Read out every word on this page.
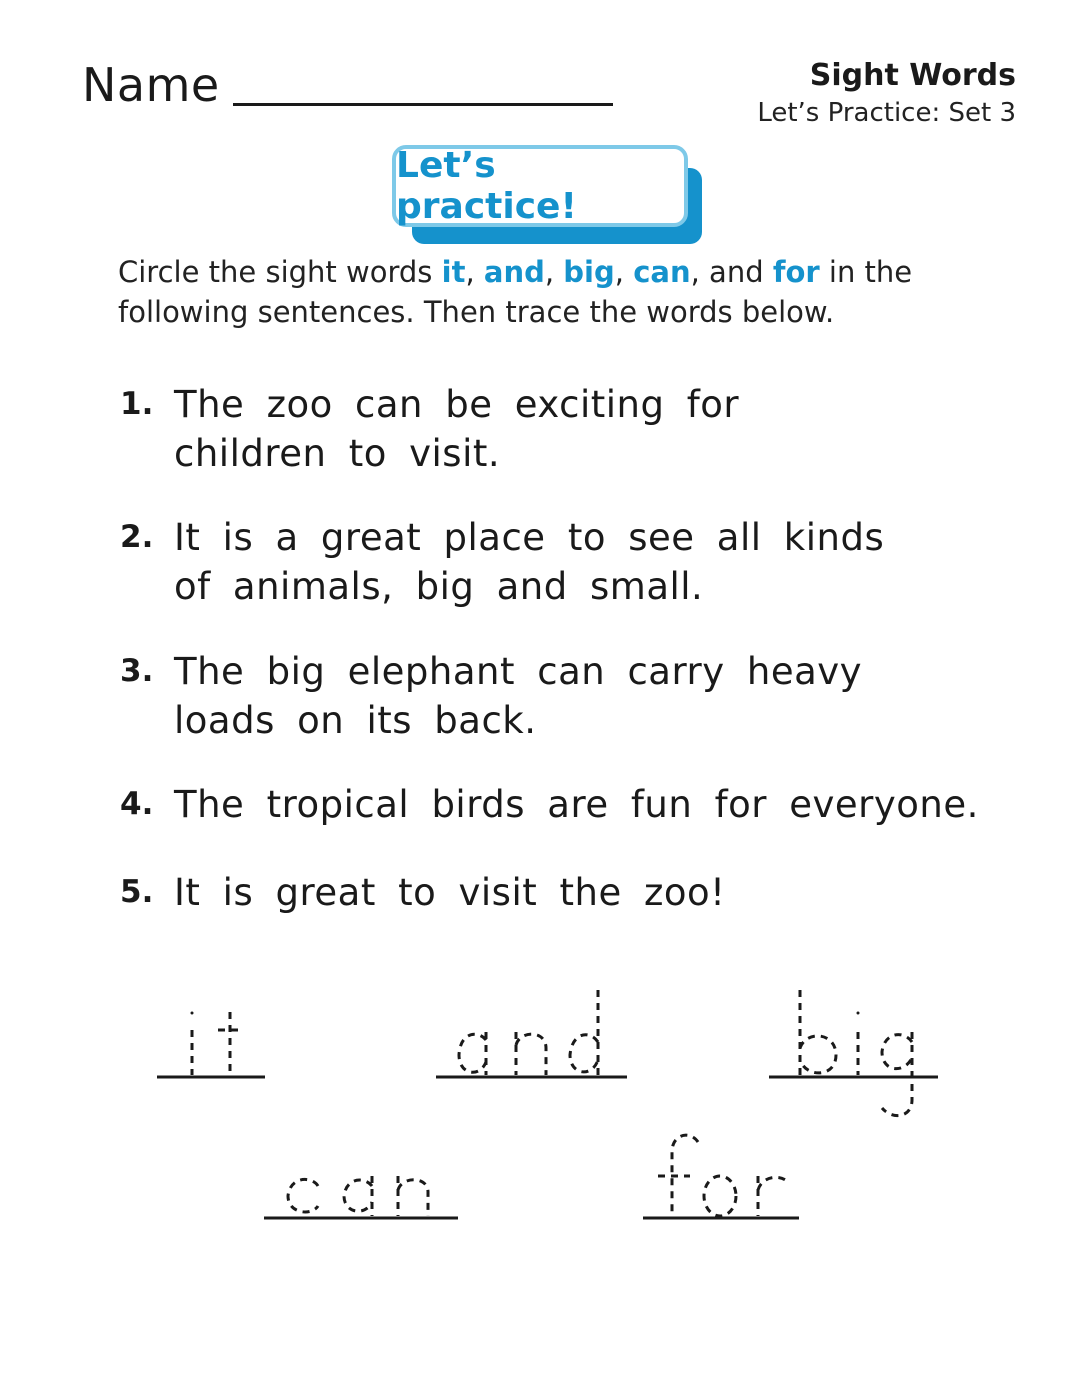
Name	Sight Words
Let’s Practice: Set 3
Let’s practice!
Circle the sight words it, and, big, can, and for in the following sentences. Then trace the words below.
1. The zoo can be exciting for children to visit.
2. It is a great place to see all kinds of animals, big and small.
3. The big elephant can carry heavy loads on its back.
4. The tropical birds are fun for everyone.
5. It is great to visit the zoo!
